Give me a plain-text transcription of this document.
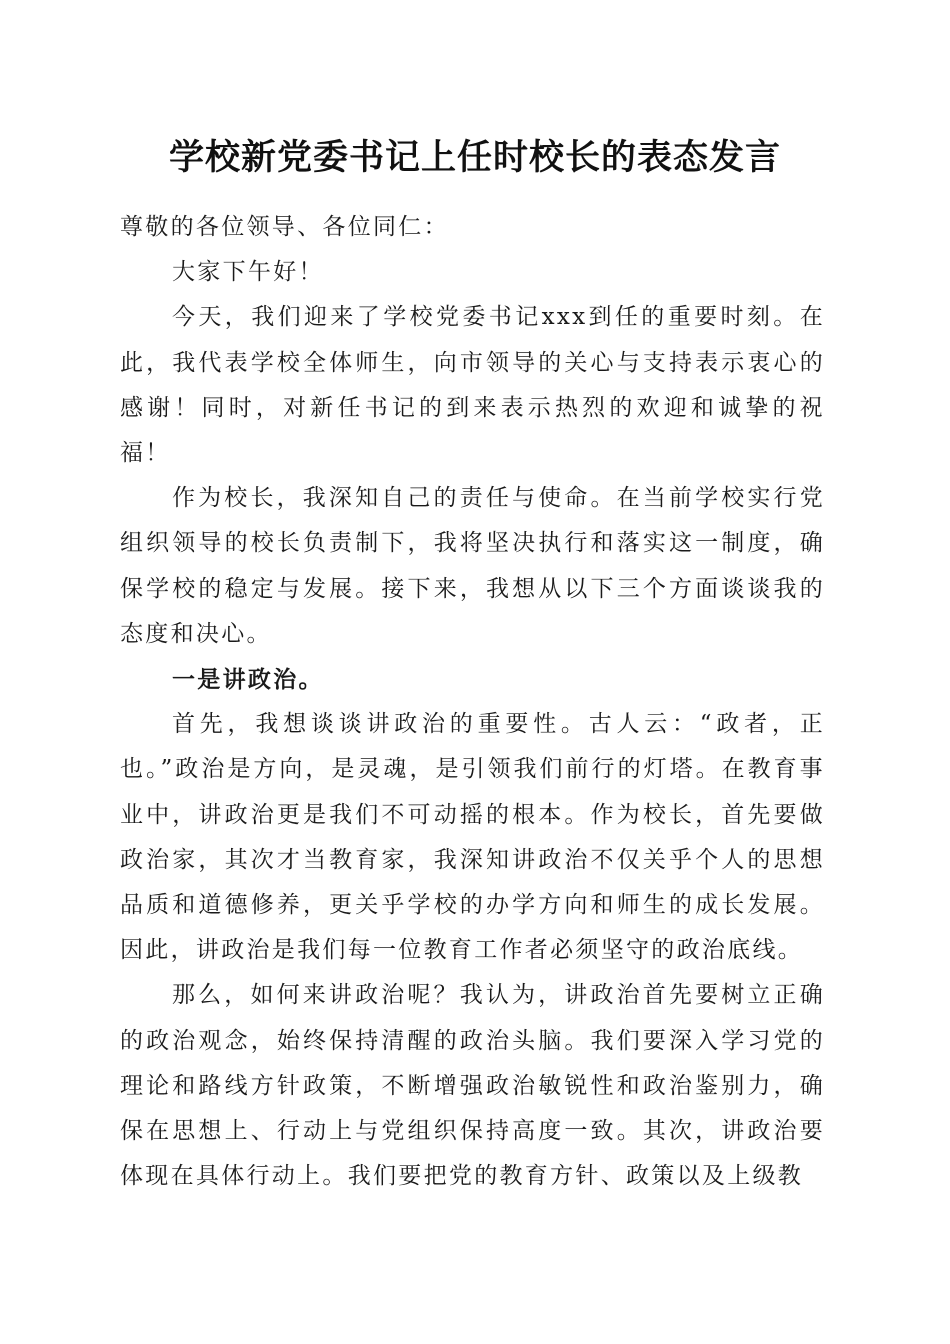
学校新党委书记上任时校长的表态发言

尊敬的各位领导、各位同仁：

大家下午好！

今天，我们迎来了学校党委书记xxx到任的重要时刻。在此，我代表学校全体师生，向市领导的关心与支持表示衷心的感谢！同时，对新任书记的到来表示热烈的欢迎和诚挚的祝福！

作为校长，我深知自己的责任与使命。在当前学校实行党组织领导的校长负责制下，我将坚决执行和落实这一制度，确保学校的稳定与发展。接下来，我想从以下三个方面谈谈我的态度和决心。

一是讲政治。

首先，我想谈谈讲政治的重要性。古人云：“政者，正也。”政治是方向，是灵魂，是引领我们前行的灯塔。在教育事业中，讲政治更是我们不可动摇的根本。作为校长，首先要做政治家，其次才当教育家，我深知讲政治不仅关乎个人的思想品质和道德修养，更关乎学校的办学方向和师生的成长发展。因此，讲政治是我们每一位教育工作者必须坚守的政治底线。

那么，如何来讲政治呢？我认为，讲政治首先要树立正确的政治观念，始终保持清醒的政治头脑。我们要深入学习党的理论和路线方针政策，不断增强政治敏锐性和政治鉴别力，确保在思想上、行动上与党组织保持高度一致。其次，讲政治要体现在具体行动上。我们要把党的教育方针、政策以及上级教
